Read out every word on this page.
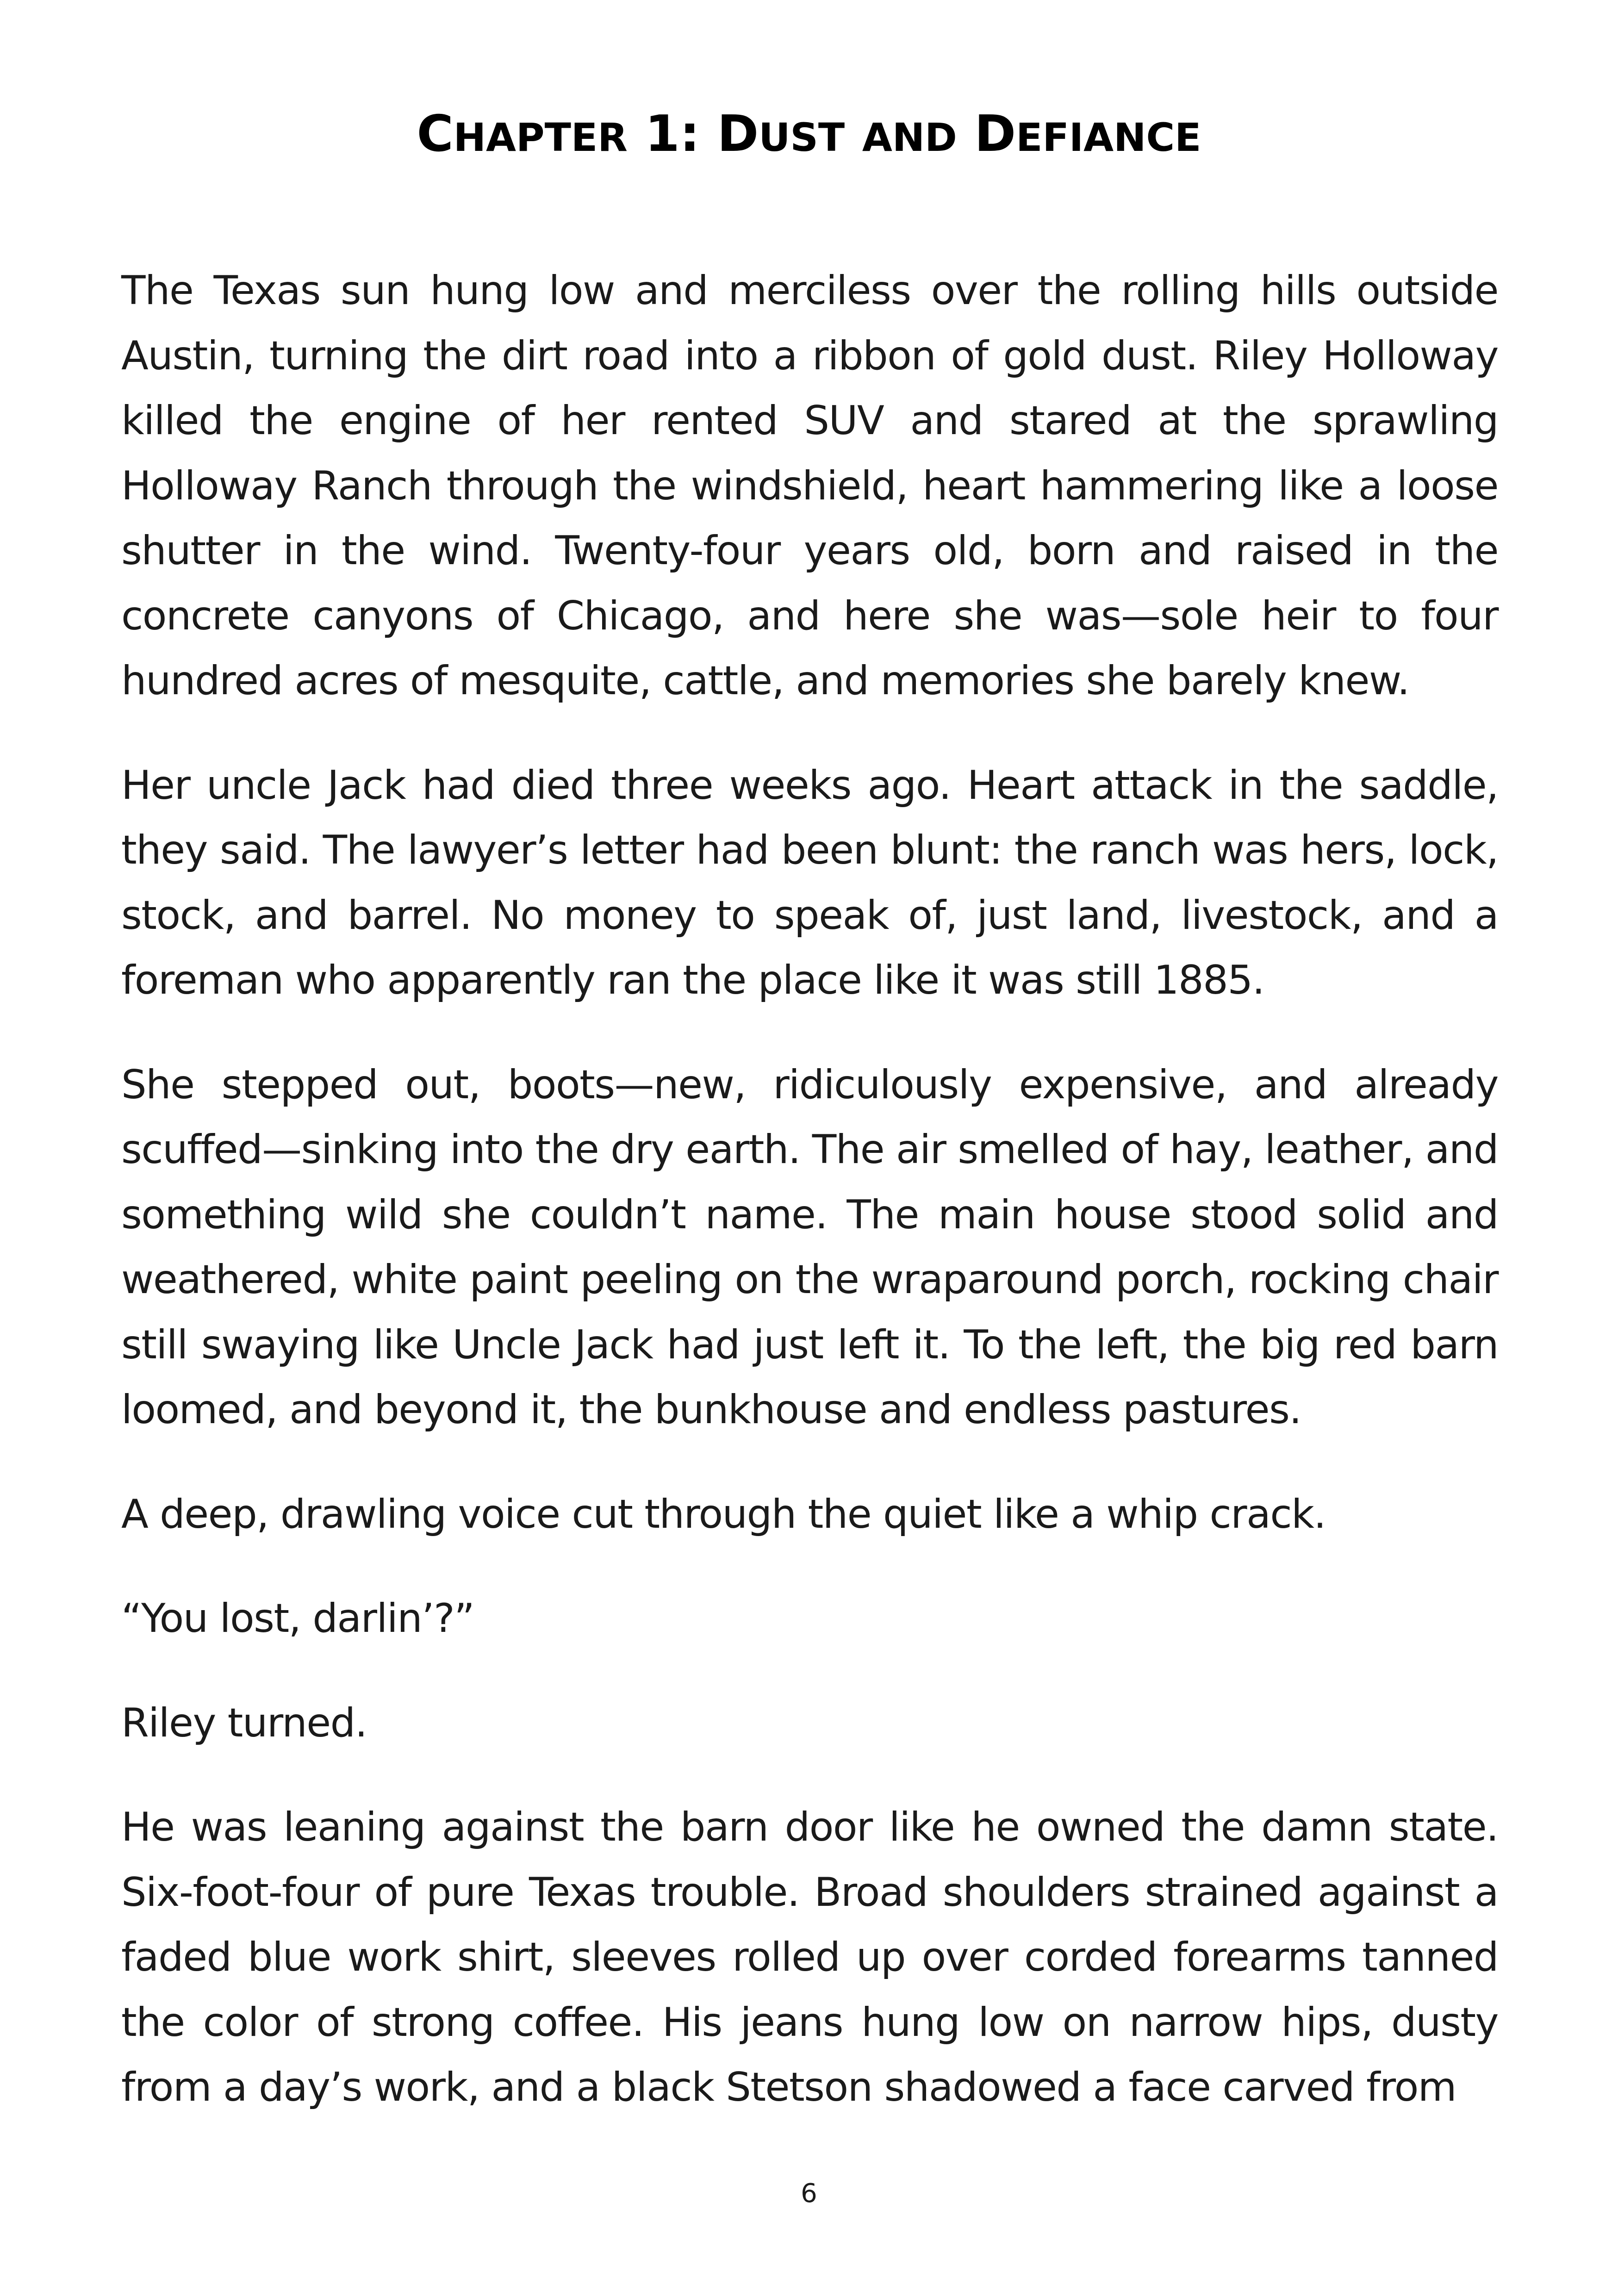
CHAPTER 1: DUST AND DEFIANCE

The Texas sun hung low and merciless over the rolling hills outside Austin, turning the dirt road into a ribbon of gold dust. Riley Holloway killed the engine of her rented SUV and stared at the sprawling Holloway Ranch through the windshield, heart hammering like a loose shutter in the wind. Twenty-four years old, born and raised in the concrete canyons of Chicago, and here she was—sole heir to four hundred acres of mesquite, cattle, and memories she barely knew.

Her uncle Jack had died three weeks ago. Heart attack in the saddle, they said. The lawyer’s letter had been blunt: the ranch was hers, lock, stock, and barrel. No money to speak of, just land, livestock, and a foreman who apparently ran the place like it was still 1885.

She stepped out, boots—new, ridiculously expensive, and already scuffed—sinking into the dry earth. The air smelled of hay, leather, and something wild she couldn’t name. The main house stood solid and weathered, white paint peeling on the wraparound porch, rocking chair still swaying like Uncle Jack had just left it. To the left, the big red barn loomed, and beyond it, the bunkhouse and endless pastures.

A deep, drawling voice cut through the quiet like a whip crack.

“You lost, darlin’?”

Riley turned.

He was leaning against the barn door like he owned the damn state. Six-foot-four of pure Texas trouble. Broad shoulders strained against a faded blue work shirt, sleeves rolled up over corded forearms tanned the color of strong coffee. His jeans hung low on narrow hips, dusty from a day’s work, and a black Stetson shadowed a face carved from

6
